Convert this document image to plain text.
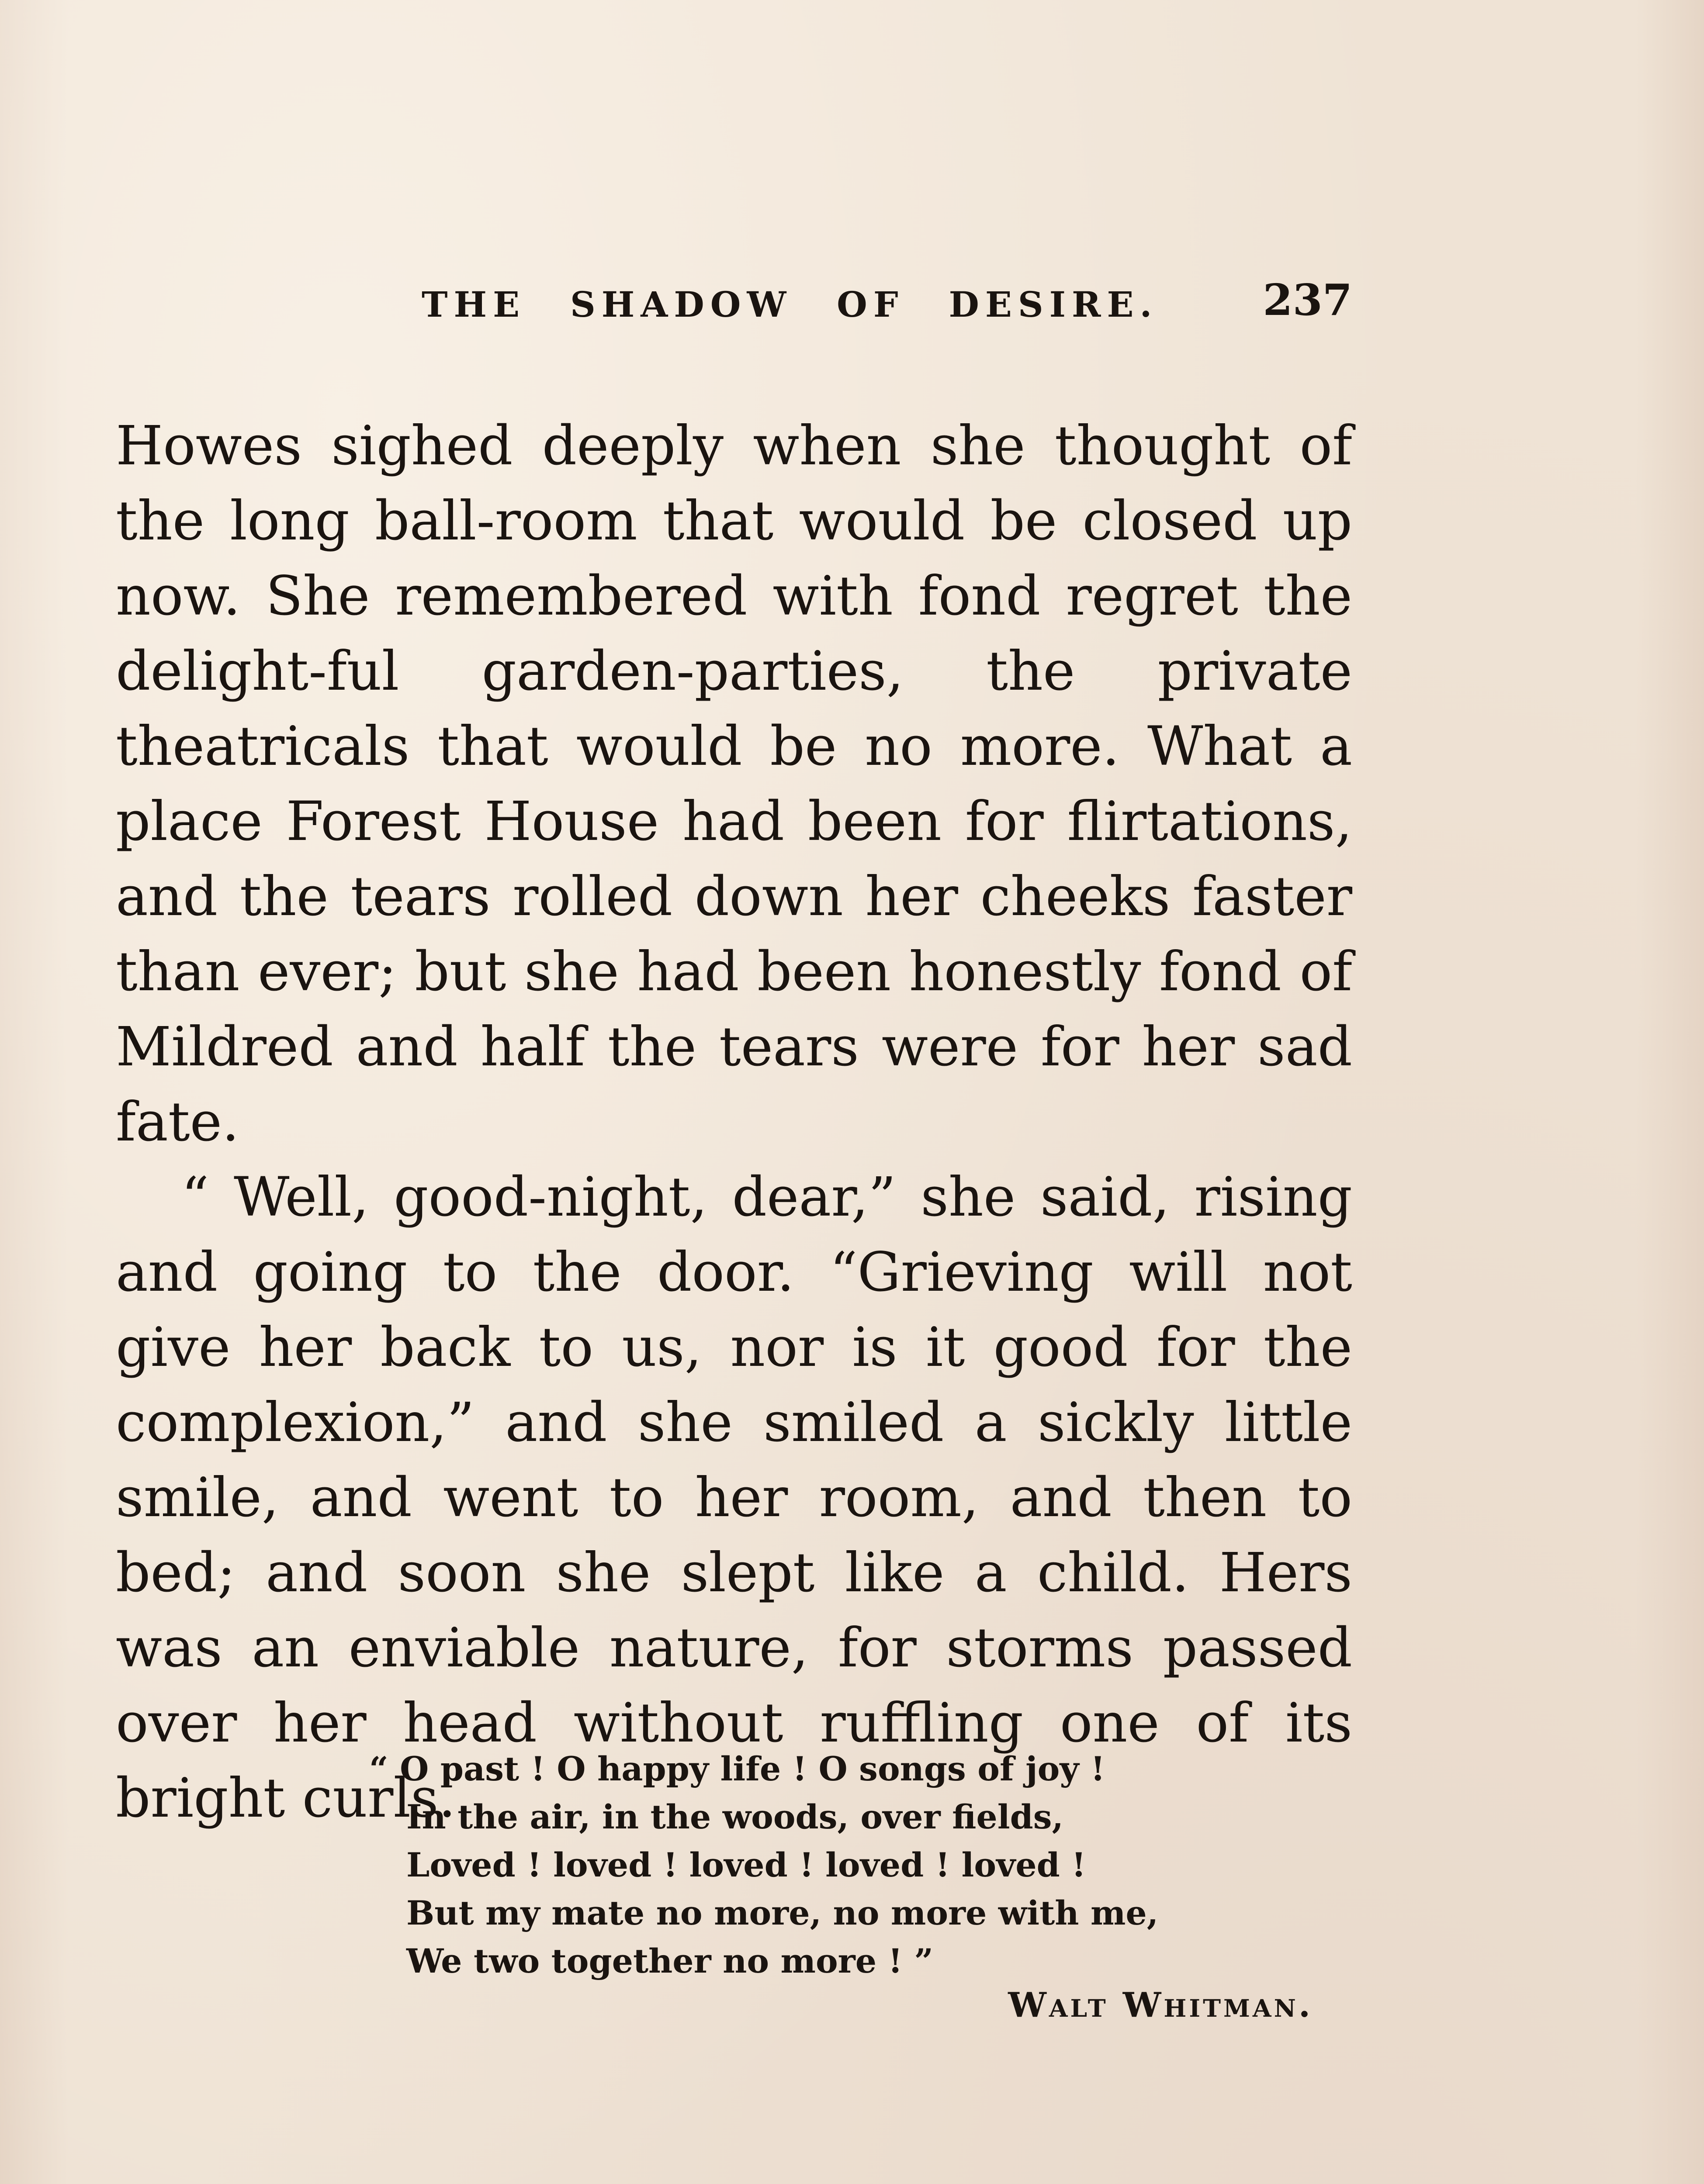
THE SHADOW OF DESIRE. 237

Howes sighed deeply when she thought of the long ball-room that would be closed up now. She remembered with fond regret the delight-ful garden-parties, the private theatricals that would be no more. What a place Forest House had been for flirtations, and the tears rolled down her cheeks faster than ever; but she had been honestly fond of Mildred and half the tears were for her sad fate.

“ Well, good-night, dear,” she said, rising and going to the door. “Grieving will not give her back to us, nor is it good for the complexion,” and she smiled a sickly little smile, and went to her room, and then to bed; and soon she slept like a child. Hers was an enviable nature, for storms passed over her head without ruffling one of its bright curls.

“ O past ! O happy life ! O songs of joy !
In the air, in the woods, over fields,
Loved ! loved ! loved ! loved ! loved !
But my mate no more, no more with me,
We two together no more ! ”
Walt Whitman.
